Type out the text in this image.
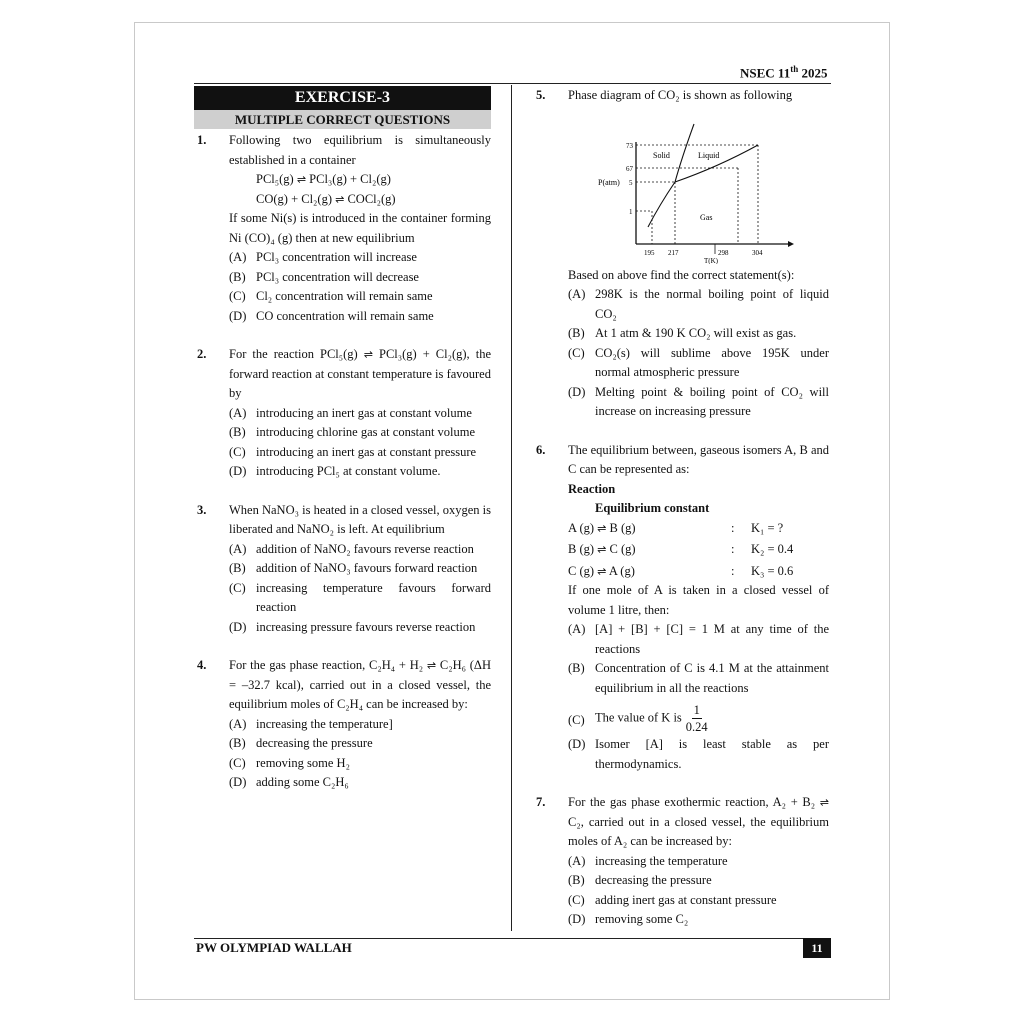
NSEC 11th 2025
EXERCISE-3
MULTIPLE CORRECT QUESTIONS
1. Following two equilibrium is simultaneously established in a container
PCl₅(g) ⇌ PCl₃(g) + Cl₂(g)
CO(g) + Cl₂(g) ⇌ COCl₂(g)
If some Ni(s) is introduced in the container forming Ni (CO)₄ (g) then at new equilibrium
(A) PCl₃ concentration will increase
(B) PCl₃ concentration will decrease
(C) Cl₂ concentration will remain same
(D) CO concentration will remain same
2. For the reaction PCl₅(g) ⇌ PCl₃(g) + Cl₂(g), the forward reaction at constant temperature is favoured by
(A) introducing an inert gas at constant volume
(B) introducing chlorine gas at constant volume
(C) introducing an inert gas at constant pressure
(D) introducing PCl₅ at constant volume.
3. When NaNO₃ is heated in a closed vessel, oxygen is liberated and NaNO₂ is left. At equilibrium
(A) addition of NaNO₂ favours reverse reaction
(B) addition of NaNO₃ favours forward reaction
(C) increasing temperature favours forward reaction
(D) increasing pressure favours reverse reaction
4. For the gas phase reaction, C₂H₄ + H₂ ⇌ C₂H₆ (ΔH = –32.7 kcal), carried out in a closed vessel, the equilibrium moles of C₂H₄ can be increased by:
(A) increasing the temperature]
(B) decreasing the pressure
(C) removing some H₂
(D) adding some C₂H₆
5. Phase diagram of CO₂ is shown as following
P(atm)
73
67
5
1
195 217	298	304
T(K)
Solid	Liquid
Gas
Based on above find the correct statement(s):
(A) 298K is the normal boiling point of liquid CO₂
(B) At 1 atm & 190 K CO₂ will exist as gas.
(C) CO₂(s) will sublime above 195K under normal atmospheric pressure
(D) Melting point & boiling point of CO₂ will increase on increasing pressure
6. The equilibrium between, gaseous isomers A, B and C can be represented as:
Reaction
Equilibrium constant
A (g) ⇌ B (g)	:	K₁ = ?
B (g) ⇌ C (g)	:	K₂ = 0.4
C (g) ⇌ A (g)	:	K₃ = 0.6
If one mole of A is taken in a closed vessel of volume 1 litre, then:
(A) [A] + [B] + [C] = 1 M at any time of the reactions
(B) Concentration of C is 4.1 M at the attainment equilibrium in all the reactions
(C) The value of K is $\frac{1}{0.24}$
(D) Isomer [A] is least stable as per thermodynamics.
7. For the gas phase exothermic reaction, A₂ + B₂ ⇌ C₂, carried out in a closed vessel, the equilibrium moles of A₂ can be increased by:
(A) increasing the temperature
(B) decreasing the pressure
(C) adding inert gas at constant pressure
(D) removing some C₂
PW OLYMPIAD WALLAH	11
